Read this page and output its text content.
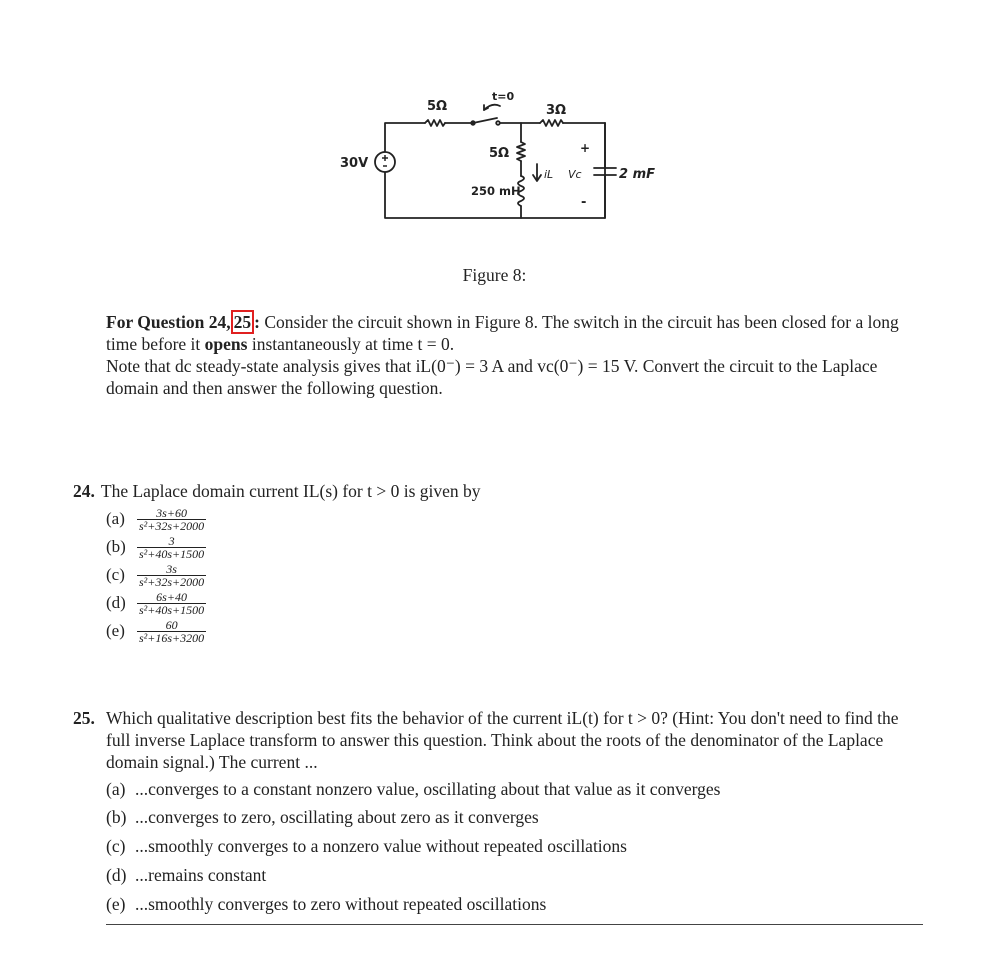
30V
5Ω
t=0
3Ω
5Ω
250 mH
iL Vc
+
-
2 mF
Figure 8:

For Question 24, 25 : Consider the circuit shown in Figure 8. The switch in the circuit has been closed for a long time before it opens instantaneously at time t = 0.

Note that dc steady-state analysis gives that iL(0⁻) = 3 A and vc(0⁻) = 15 V. Convert the circuit to the Laplace domain and then answer the following question.

24. The Laplace domain current IL(s) for t > 0 is given by
(a)	$\frac{3s+60}{\text{s²+32s+2000}}$
$(b) \frac{3}{\text{s²+40s+1500}}$
(c)	$\frac{3s}{\text{s²+32s+2000}}$
$(d) \frac{6s+40}{\text{s²+40s+1500}}$
(e)	$\frac{60}{\text{s²+16s+3200}}$
25. Which qualitative description best fits the behavior of the current iL(t) for t > 0? (Hint: You don't need to find the full inverse Laplace transform to answer this question. Think about the roots of the denominator of the Laplace domain signal.) The current ...
(a) ...converges to a constant nonzero value, oscillating about that value as it converges
(b) ...converges to zero, oscillating about zero as it converges
(c) ...smoothly converges to a nonzero value without repeated oscillations
(d) ...remains constant
(e) ...smoothly converges to zero without repeated oscillations
